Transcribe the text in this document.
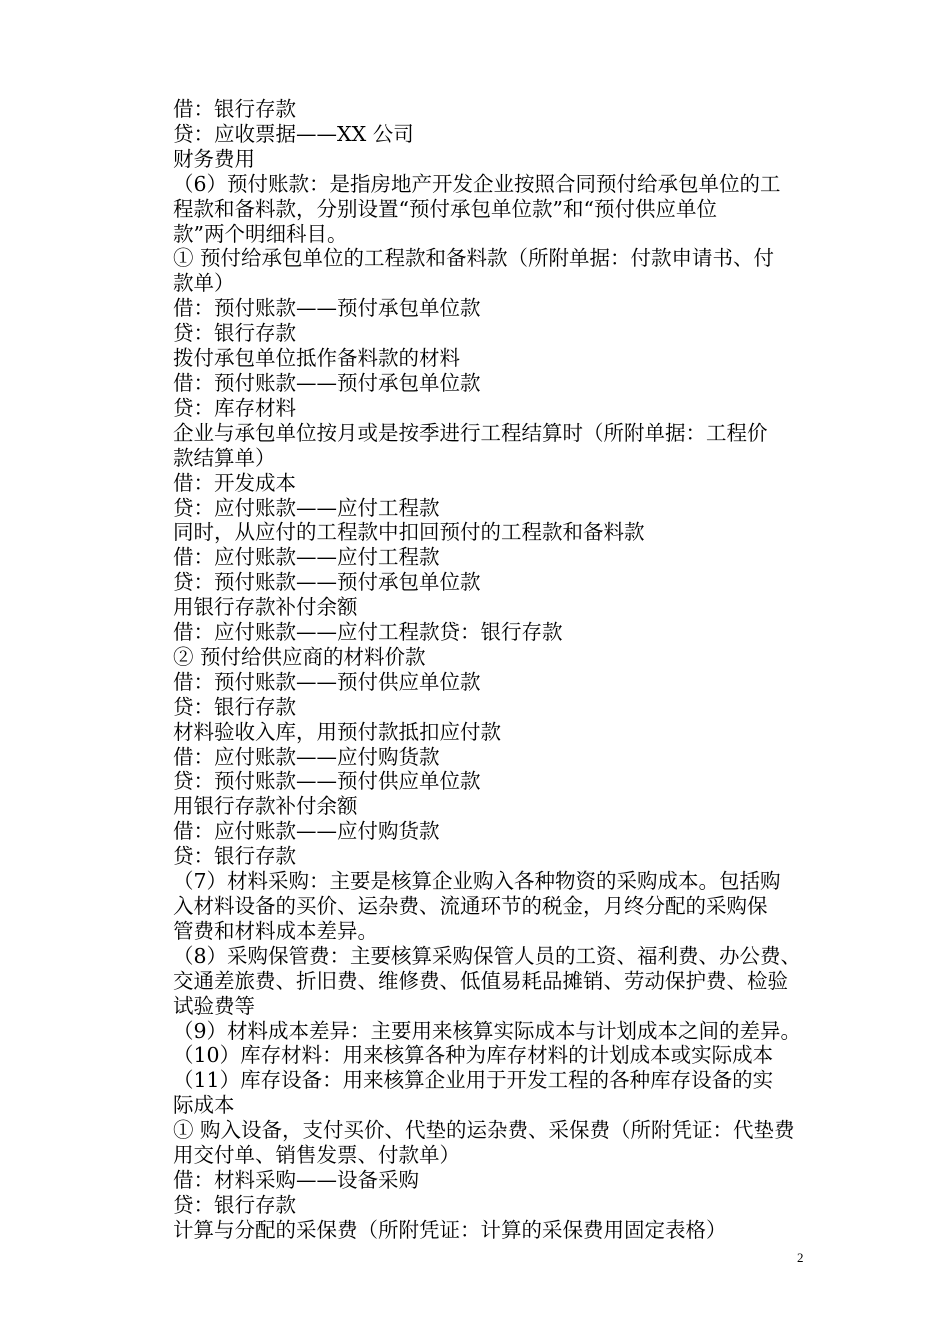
借：银行存款
贷：应收票据——XX 公司
财务费用
（6）预付账款：是指房地产开发企业按照合同预付给承包单位的工
程款和备料款，分别设置“预付承包单位款”和“预付供应单位
款”两个明细科目。
① 预付给承包单位的工程款和备料款（所附单据：付款申请书、付
款单）
借：预付账款——预付承包单位款
贷：银行存款
拨付承包单位抵作备料款的材料
借：预付账款——预付承包单位款
贷：库存材料
企业与承包单位按月或是按季进行工程结算时（所附单据：工程价
款结算单）
借：开发成本
贷：应付账款——应付工程款
同时，从应付的工程款中扣回预付的工程款和备料款
借：应付账款——应付工程款
贷：预付账款——预付承包单位款
用银行存款补付余额
借：应付账款——应付工程款贷：银行存款
② 预付给供应商的材料价款
借：预付账款——预付供应单位款
贷：银行存款
材料验收入库，用预付款抵扣应付款
借：应付账款——应付购货款
贷：预付账款——预付供应单位款
用银行存款补付余额
借：应付账款——应付购货款
贷：银行存款
（7）材料采购：主要是核算企业购入各种物资的采购成本。包括购
入材料设备的买价、运杂费、流通环节的税金，月终分配的采购保
管费和材料成本差异。
（8）采购保管费：主要核算采购保管人员的工资、福利费、办公费、
交通差旅费、折旧费、维修费、低值易耗品摊销、劳动保护费、检验
试验费等
（9）材料成本差异：主要用来核算实际成本与计划成本之间的差异。
（10）库存材料：用来核算各种为库存材料的计划成本或实际成本
（11）库存设备：用来核算企业用于开发工程的各种库存设备的实
际成本
① 购入设备，支付买价、代垫的运杂费、采保费（所附凭证：代垫费
用交付单、销售发票、付款单）
借：材料采购——设备采购
贷：银行存款
计算与分配的采保费（所附凭证：计算的采保费用固定表格）
2
